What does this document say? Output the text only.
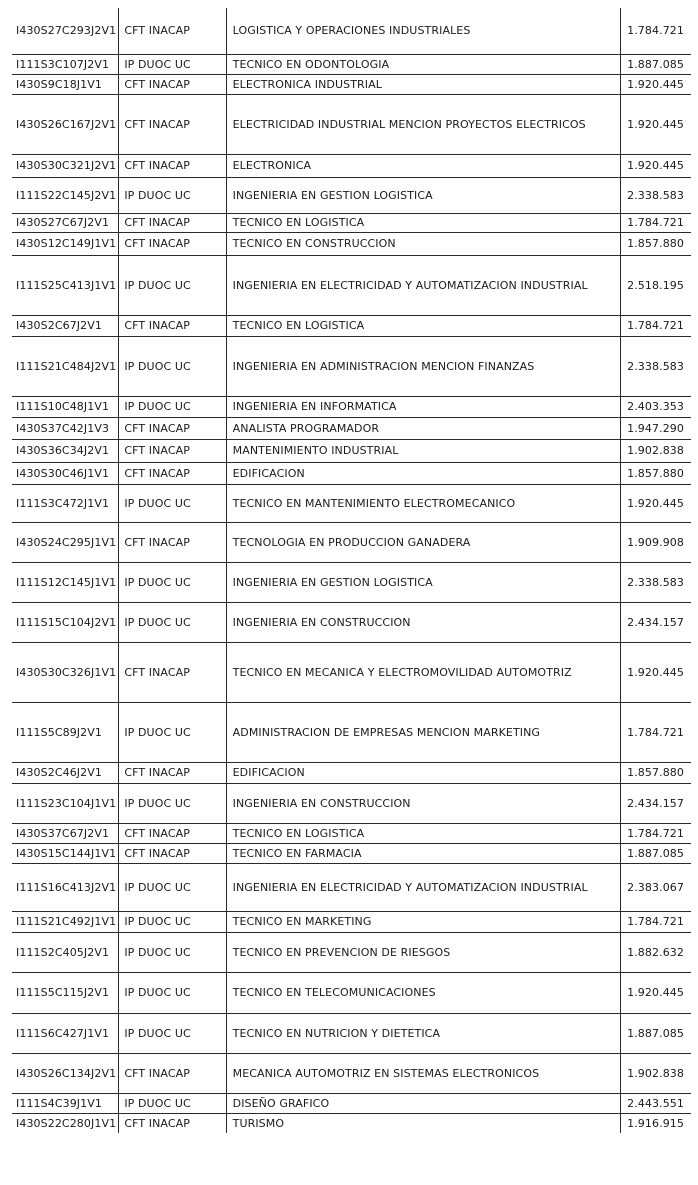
I430S27C293J2V1	CFT INACAP	LOGISTICA Y OPERACIONES INDUSTRIALES	1.784.721
I111S3C107J2V1	IP DUOC UC	TECNICO EN ODONTOLOGIA	1.887.085
I430S9C18J1V1	CFT INACAP	ELECTRONICA INDUSTRIAL	1.920.445
I430S26C167J2V1	CFT INACAP	ELECTRICIDAD INDUSTRIAL MENCION PROYECTOS ELECTRICOS	1.920.445
I430S30C321J2V1	CFT INACAP	ELECTRONICA	1.920.445
I111S22C145J2V1	IP DUOC UC	INGENIERIA EN GESTION LOGISTICA	2.338.583
I430S27C67J2V1	CFT INACAP	TECNICO EN LOGISTICA	1.784.721
I430S12C149J1V1	CFT INACAP	TECNICO EN CONSTRUCCION	1.857.880
I111S25C413J1V1	IP DUOC UC	INGENIERIA EN ELECTRICIDAD Y AUTOMATIZACION INDUSTRIAL	2.518.195
I430S2C67J2V1	CFT INACAP	TECNICO EN LOGISTICA	1.784.721
I111S21C484J2V1	IP DUOC UC	INGENIERIA EN ADMINISTRACION MENCION FINANZAS	2.338.583
I111S10C48J1V1	IP DUOC UC	INGENIERIA EN INFORMATICA	2.403.353
I430S37C42J1V3	CFT INACAP	ANALISTA PROGRAMADOR	1.947.290
I430S36C34J2V1	CFT INACAP	MANTENIMIENTO INDUSTRIAL	1.902.838
I430S30C46J1V1	CFT INACAP	EDIFICACION	1.857.880
I111S3C472J1V1	IP DUOC UC	TECNICO EN MANTENIMIENTO ELECTROMECANICO	1.920.445
I430S24C295J1V1	CFT INACAP	TECNOLOGIA EN PRODUCCION GANADERA	1.909.908
I111S12C145J1V1	IP DUOC UC	INGENIERIA EN GESTION LOGISTICA	2.338.583
I111S15C104J2V1	IP DUOC UC	INGENIERIA EN CONSTRUCCION	2.434.157
I430S30C326J1V1	CFT INACAP	TECNICO EN MECANICA Y ELECTROMOVILIDAD AUTOMOTRIZ	1.920.445
I111S5C89J2V1	IP DUOC UC	ADMINISTRACION DE EMPRESAS MENCION MARKETING	1.784.721
I430S2C46J2V1	CFT INACAP	EDIFICACION	1.857.880
I111S23C104J1V1	IP DUOC UC	INGENIERIA EN CONSTRUCCION	2.434.157
I430S37C67J2V1	CFT INACAP	TECNICO EN LOGISTICA	1.784.721
I430S15C144J1V1	CFT INACAP	TECNICO EN FARMACIA	1.887.085
I111S16C413J2V1	IP DUOC UC	INGENIERIA EN ELECTRICIDAD Y AUTOMATIZACION INDUSTRIAL	2.383.067
I111S21C492J1V1	IP DUOC UC	TECNICO EN MARKETING	1.784.721
I111S2C405J2V1	IP DUOC UC	TECNICO EN PREVENCION DE RIESGOS	1.882.632
I111S5C115J2V1	IP DUOC UC	TECNICO EN TELECOMUNICACIONES	1.920.445
I111S6C427J1V1	IP DUOC UC	TECNICO EN NUTRICION Y DIETETICA	1.887.085
I430S26C134J2V1	CFT INACAP	MECANICA AUTOMOTRIZ EN SISTEMAS ELECTRONICOS	1.902.838
I111S4C39J1V1	IP DUOC UC	DISEÑO GRAFICO	2.443.551
I430S22C280J1V1	CFT INACAP	TURISMO	1.916.915
